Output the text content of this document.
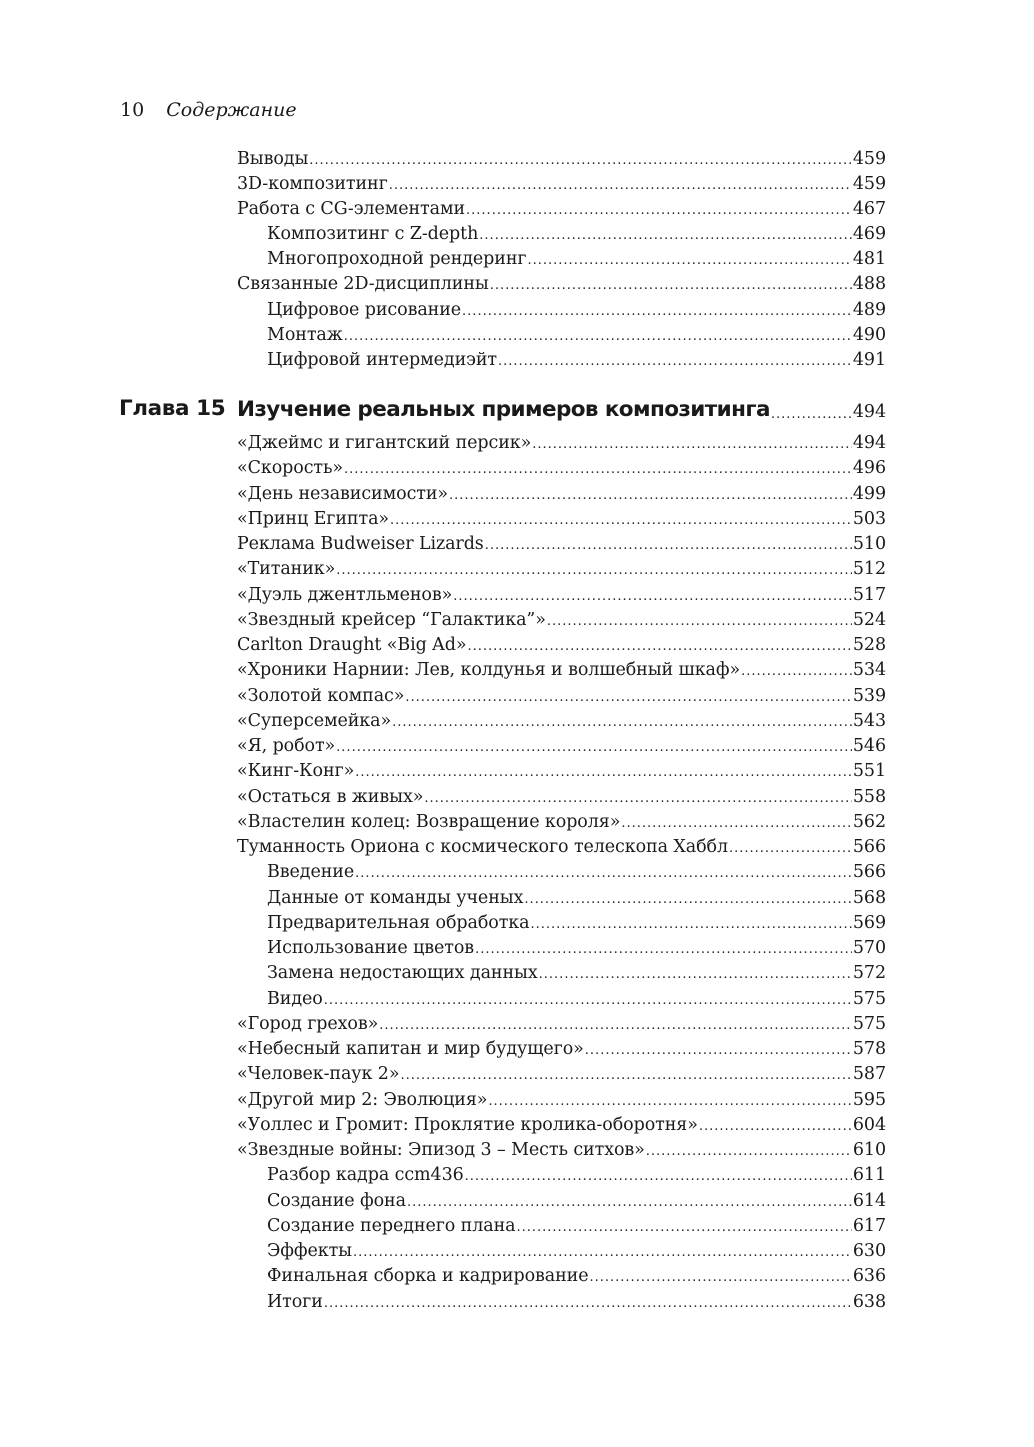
10 Содержание
Выводы .....	459
3D-композитинг .....	459
Работа с CG-элементами .....	467
Композитинг с Z-depth .....	469
Многопроходной рендеринг .....	481
Связанные 2D-дисциплины .....	488
Цифровое рисование .....	489
Монтаж .....	490
Цифровой интермедиэйт .....	491
Глава 15 Изучение реальных примеров композитинга .....	494
«Джеймс и гигантский персик» .....	494
«Скорость» .....	496
«День независимости» .....	499
«Принц Египта» .....	503
Реклама Budweiser Lizards .....	510
«Титаник» .....	512
«Дуэль джентльменов» .....	517
«Звездный крейсер “Галактика”» .....	524
Carlton Draught «Big Ad» .....	528
«Хроники Нарнии: Лев, колдунья и волшебный шкаф» .....	534
«Золотой компас» .....	539
«Суперсемейка» .....	543
«Я, робот» .....	546
«Кинг-Конг» .....	551
«Остаться в живых» .....	558
«Властелин колец: Возвращение короля» .....	562
Туманность Ориона с космического телескопа Хаббл .....	566
Введение .....	566
Данные от команды ученых .....	568
Предварительная обработка .....	569
Использование цветов .....	570
Замена недостающих данных .....	572
Видео .....	575
«Город грехов» .....	575
«Небесный капитан и мир будущего» .....	578
«Человек-паук 2» .....	587
«Другой мир 2: Эволюция» .....	595
«Уоллес и Громит: Проклятие кролика-оборотня» .....	604
«Звездные войны: Эпизод 3 – Месть ситхов» .....	610
Разбор кадра ccm436 .....	611
Создание фона .....	614
Создание переднего плана .....	617
Эффекты .....	630
Финальная сборка и кадрирование .....	636
Итоги .....	638
